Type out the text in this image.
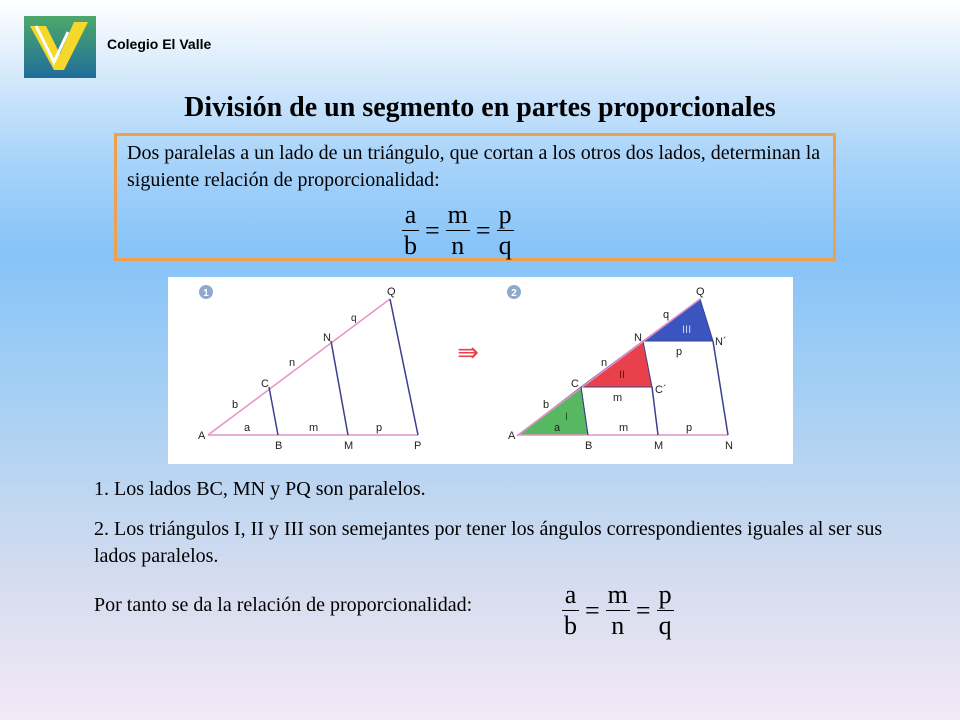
Colegio El Valle
División de un segmento en partes proporcionales
Dos paralelas a un lado de un triángulo, que cortan a los otros dos lados, determinan la siguiente relación de proporcionalidad:
$\frac{a}{b} = \frac{m}{n} = \frac{p}{q}$
1
A
B	M	P
C
N
Q
a	m	p
b
n
q
⇛
2
A
B	M	N
C
N
Q
C´
N´
a	m	p
b
n
q
m
p
I
II
III
1. Los lados BC, MN y PQ son paralelos.
2. Los triángulos I, II y III son semejantes por tener los ángulos correspondientes iguales al ser sus lados paralelos.
Por tanto se da la relación de proporcionalidad:	$\frac{a}{b} = \frac{m}{n} = \frac{p}{q}$
